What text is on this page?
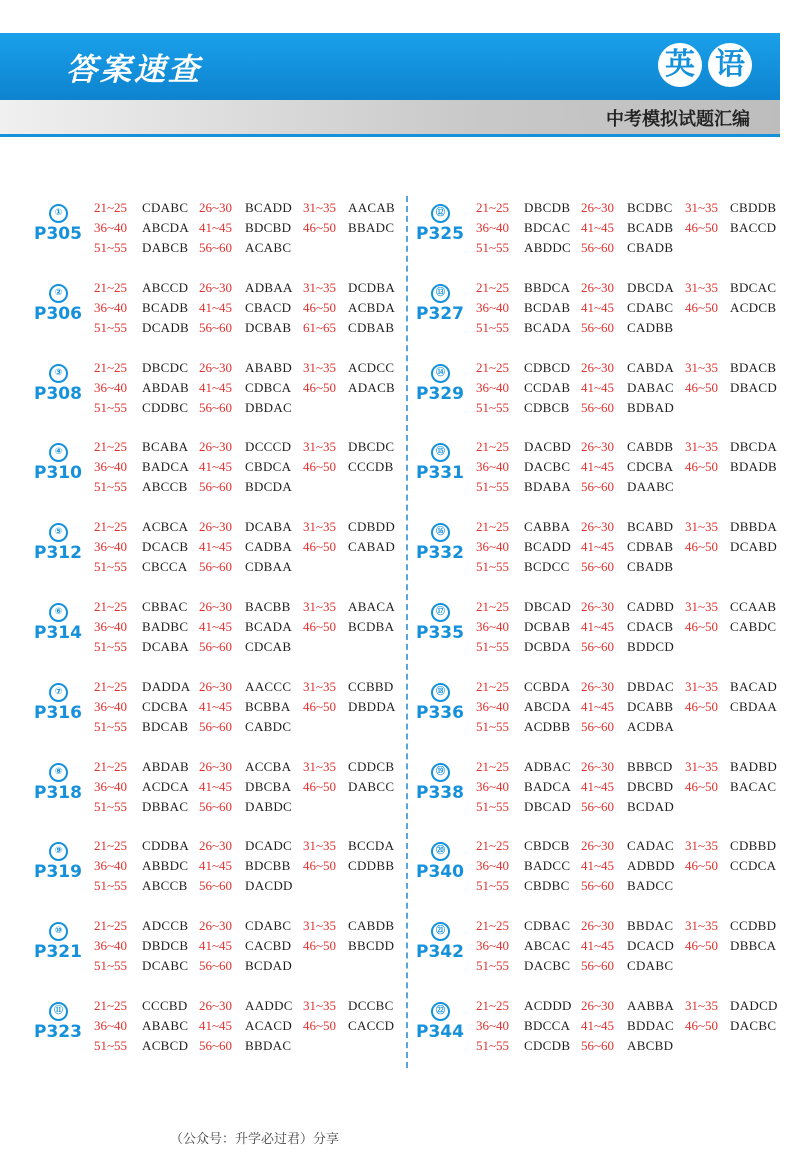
答案速查	英 语
中考模拟试题汇编
①
P305
21~25 CDABC 26~30 BCADD 31~35 AACAB
36~40 ABCDA 41~45 BDCBD 46~50 BBADC
51~55 DABCB 56~60 ACABC
②
P306
21~25 ABCCD 26~30 ADBAA 31~35 DCDBA
36~40 BCADB 41~45 CBACD 46~50 ACBDA
51~55 DCADB 56~60 DCBAB 61~65 CDBAB
③
P308
21~25 DBCDC 26~30 ABABD 31~35 ACDCC
36~40 ABDAB 41~45 CDBCA 46~50 ADACB
51~55 CDDBC 56~60 DBDAC
④
P310
21~25 BCABA 26~30 DCCCD 31~35 DBCDC
36~40 BADCA 41~45 CBDCA 46~50 CCCDB
51~55 ABCCB 56~60 BDCDA
⑤
P312
21~25 ACBCA 26~30 DCABA 31~35 CDBDD
36~40 DCACB 41~45 CADBA 46~50 CABAD
51~55 CBCCA 56~60 CDBAA
⑥
P314
21~25 CBBAC 26~30 BACBB 31~35 ABACA
36~40 BADBC 41~45 BCADA 46~50 BCDBA
51~55 DCABA 56~60 CDCAB
⑦
P316
21~25 DADDA 26~30 AACCC 31~35 CCBBD
36~40 CDCBA 41~45 BCBBA 46~50 DBDDA
51~55 BDCAB 56~60 CABDC
⑧
P318
21~25 ABDAB 26~30 ACCBA 31~35 CDDCB
36~40 ACDCA 41~45 DBCBA 46~50 DABCC
51~55 DBBAC 56~60 DABDC
⑨
P319
21~25 CDDBA 26~30 DCADC 31~35 BCCDA
36~40 ABBDC 41~45 BDCBB 46~50 CDDBB
51~55 ABCCB 56~60 DACDD
⑩
P321
21~25 ADCCB 26~30 CDABC 31~35 CABDB
36~40 DBDCB 41~45 CACBD 46~50 BBCDD
51~55 DCABC 56~60 BCDAD
⑪
P323
21~25 CCCBD 26~30 AADDC 31~35 DCCBC
36~40 ABABC 41~45 ACACD 46~50 CACCD
51~55 ACBCD 56~60 BBDAC
⑫
P325
21~25 DBCDB 26~30 BCDBC 31~35 CBDDB
36~40 BDCAC 41~45 BCADB 46~50 BACCD
51~55 ABDDC 56~60 CBADB
⑬
P327
21~25 BBDCA 26~30 DBCDA 31~35 BDCAC
36~40 BCDAB 41~45 CDABC 46~50 ACDCB
51~55 BCADA 56~60 CADBB
⑭
P329
21~25 CDBCD 26~30 CABDA 31~35 BDACB
36~40 CCDAB 41~45 DABAC 46~50 DBACD
51~55 CDBCB 56~60 BDBAD
⑮
P331
21~25 DACBD 26~30 CABDB 31~35 DBCDA
36~40 DACBC 41~45 CDCBA 46~50 BDADB
51~55 BDABA 56~60 DAABC
⑯
P332
21~25 CABBA 26~30 BCABD 31~35 DBBDA
36~40 BCADD 41~45 CDBAB 46~50 DCABD
51~55 BCDCC 56~60 CBADB
⑰
P335
21~25 DBCAD 26~30 CADBD 31~35 CCAAB
36~40 DCBAB 41~45 CDACB 46~50 CABDC
51~55 DCBDA 56~60 BDDCD
⑱
P336
21~25 CCBDA 26~30 DBDAC 31~35 BACAD
36~40 ABCDA 41~45 DCABB 46~50 CBDAA
51~55 ACDBB 56~60 ACDBA
⑲
P338
21~25 ADBAC 26~30 BBBCD 31~35 BADBD
36~40 BADCA 41~45 DBCBD 46~50 BACAC
51~55 DBCAD 56~60 BCDAD
⑳
P340
21~25 CBDCB 26~30 CADAC 31~35 CDBBD
36~40 BADCC 41~45 ADBDD 46~50 CCDCA
51~55 CBDBC 56~60 BADCC
㉑
P342
21~25 CDBAC 26~30 BBDAC 31~35 CCDBD
36~40 ABCAC 41~45 DCACD 46~50 DBBCA
51~55 DACBC 56~60 CDABC
㉒
P344
21~25 ACDDD 26~30 AABBA 31~35 DADCD
36~40 BDCCA 41~45 BDDAC 46~50 DACBC
51~55 CDCDB 56~60 ABCBD
（公众号：升学必过君）分享
